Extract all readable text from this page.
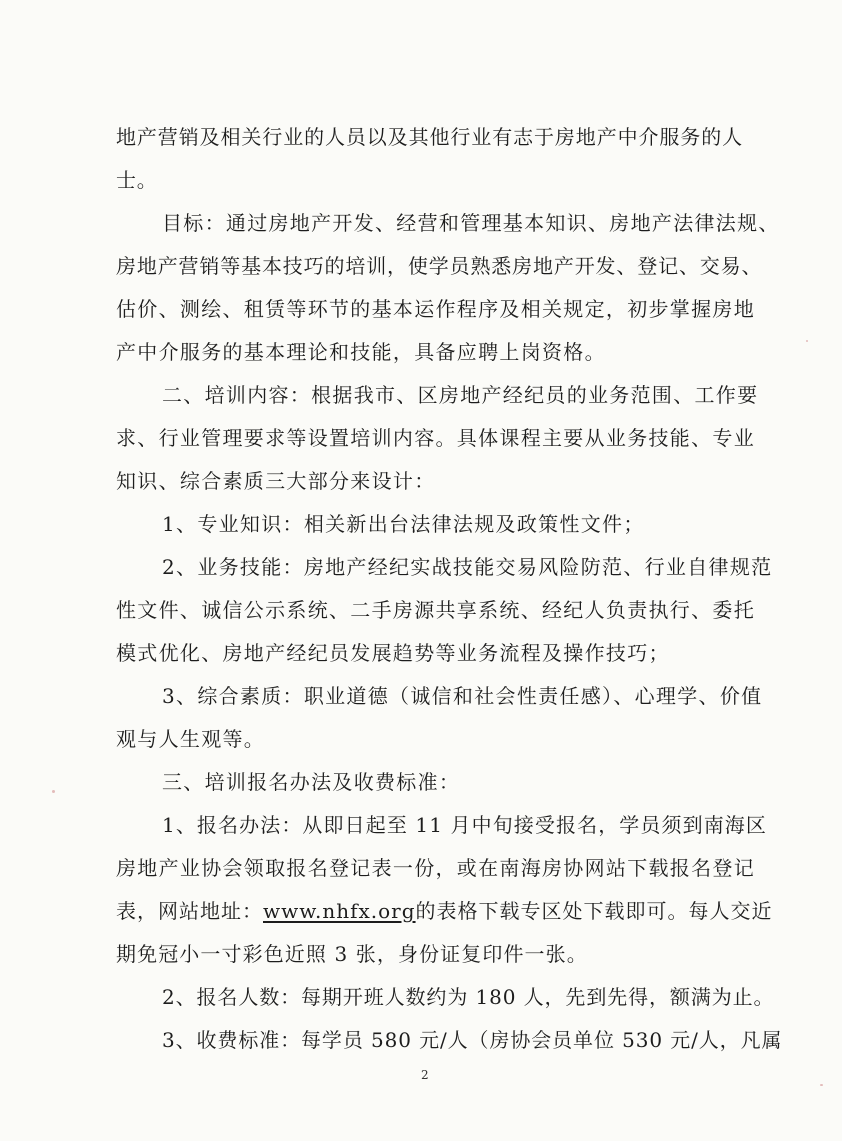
地产营销及相关行业的人员以及其他行业有志于房地产中介服务的人
士。
目标：通过房地产开发、经营和管理基本知识、房地产法律法规、
房地产营销等基本技巧的培训，使学员熟悉房地产开发、登记、交易、
估价、测绘、租赁等环节的基本运作程序及相关规定，初步掌握房地
产中介服务的基本理论和技能，具备应聘上岗资格。
二、培训内容：根据我市、区房地产经纪员的业务范围、工作要
求、行业管理要求等设置培训内容。具体课程主要从业务技能、专业
知识、综合素质三大部分来设计：
1、专业知识：相关新出台法律法规及政策性文件；
2、业务技能：房地产经纪实战技能交易风险防范、行业自律规范
性文件、诚信公示系统、二手房源共享系统、经纪人负责执行、委托
模式优化、房地产经纪员发展趋势等业务流程及操作技巧；
3、综合素质：职业道德（诚信和社会性责任感）、心理学、价值
观与人生观等。
三、培训报名办法及收费标准：
1、报名办法：从即日起至 11 月中旬接受报名，学员须到南海区
房地产业协会领取报名登记表一份，或在南海房协网站下载报名登记
表，网站地址：www.nhfx.org的表格下载专区处下载即可。每人交近
期免冠小一寸彩色近照 3 张，身份证复印件一张。
2、报名人数：每期开班人数约为 180 人，先到先得，额满为止。
3、收费标准：每学员 580 元/人（房协会员单位 530 元/人，凡属
2
